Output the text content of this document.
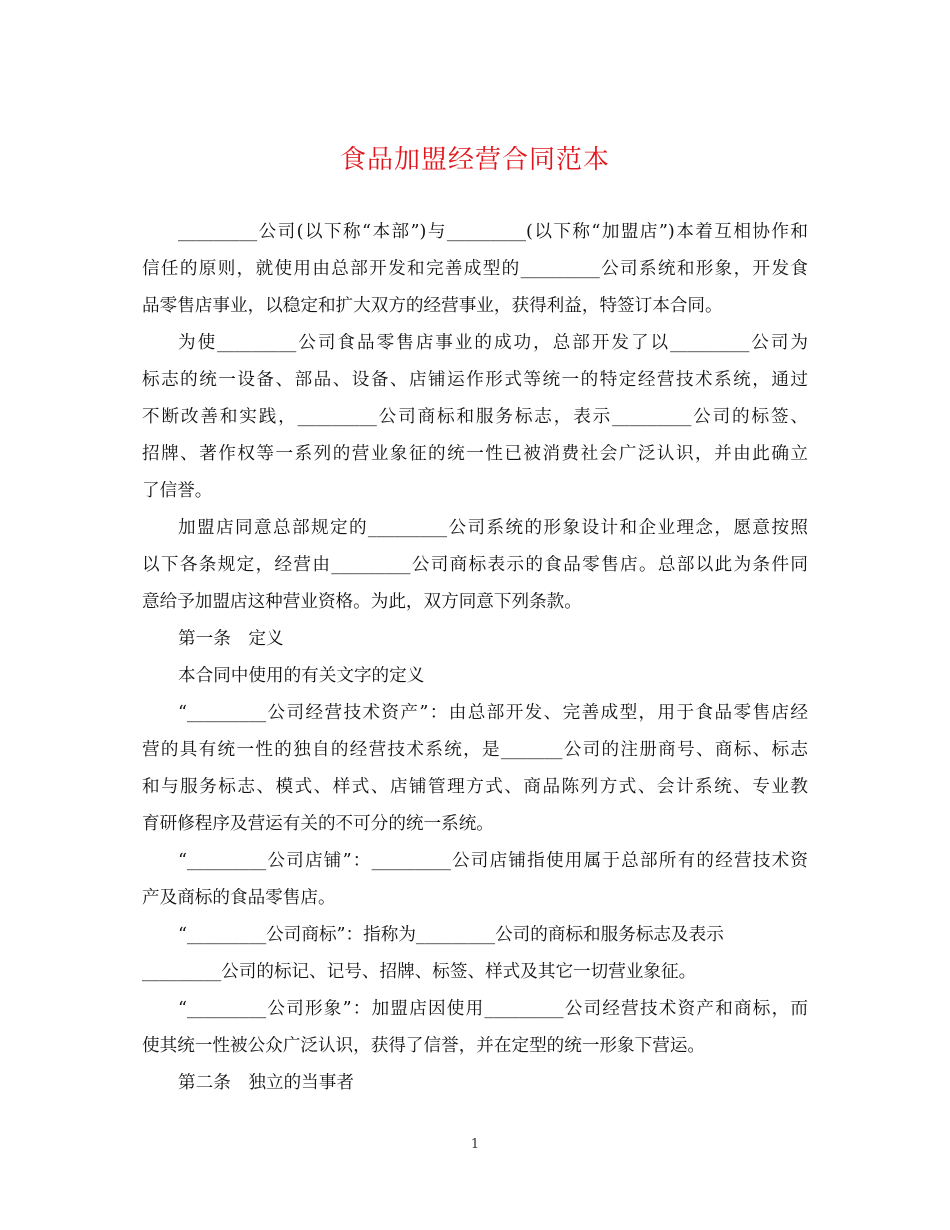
食品加盟经营合同范本
_________公司(以下称“本部”)与_________(以下称“加盟店”)本着互相协作和
信任的原则，就使用由总部开发和完善成型的_________公司系统和形象，开发食
品零售店事业，以稳定和扩大双方的经营事业，获得利益，特签订本合同。
为使_________公司食品零售店事业的成功，总部开发了以_________公司为
标志的统一设备、部品、设备、店铺运作形式等统一的特定经营技术系统，通过
不断改善和实践，_________公司商标和服务标志，表示_________公司的标签、
招牌、著作权等一系列的营业象征的统一性已被消费社会广泛认识，并由此确立
了信誉。
加盟店同意总部规定的_________公司系统的形象设计和企业理念，愿意按照
以下各条规定，经营由_________公司商标表示的食品零售店。总部以此为条件同
意给予加盟店这种营业资格。为此，双方同意下列条款。
第一条　定义
本合同中使用的有关文字的定义
“_________公司经营技术资产”：由总部开发、完善成型，用于食品零售店经
营的具有统一性的独自的经营技术系统，是_______公司的注册商号、商标、标志
和与服务标志、模式、样式、店铺管理方式、商品陈列方式、会计系统、专业教
育研修程序及营运有关的不可分的统一系统。
“_________公司店铺”：_________公司店铺指使用属于总部所有的经营技术资
产及商标的食品零售店。
“_________公司商标”：指称为_________公司的商标和服务标志及表示
_________公司的标记、记号、招牌、标签、样式及其它一切营业象征。
“_________公司形象”：加盟店因使用_________公司经营技术资产和商标，而
使其统一性被公众广泛认识，获得了信誉，并在定型的统一形象下营运。
第二条　独立的当事者
1
